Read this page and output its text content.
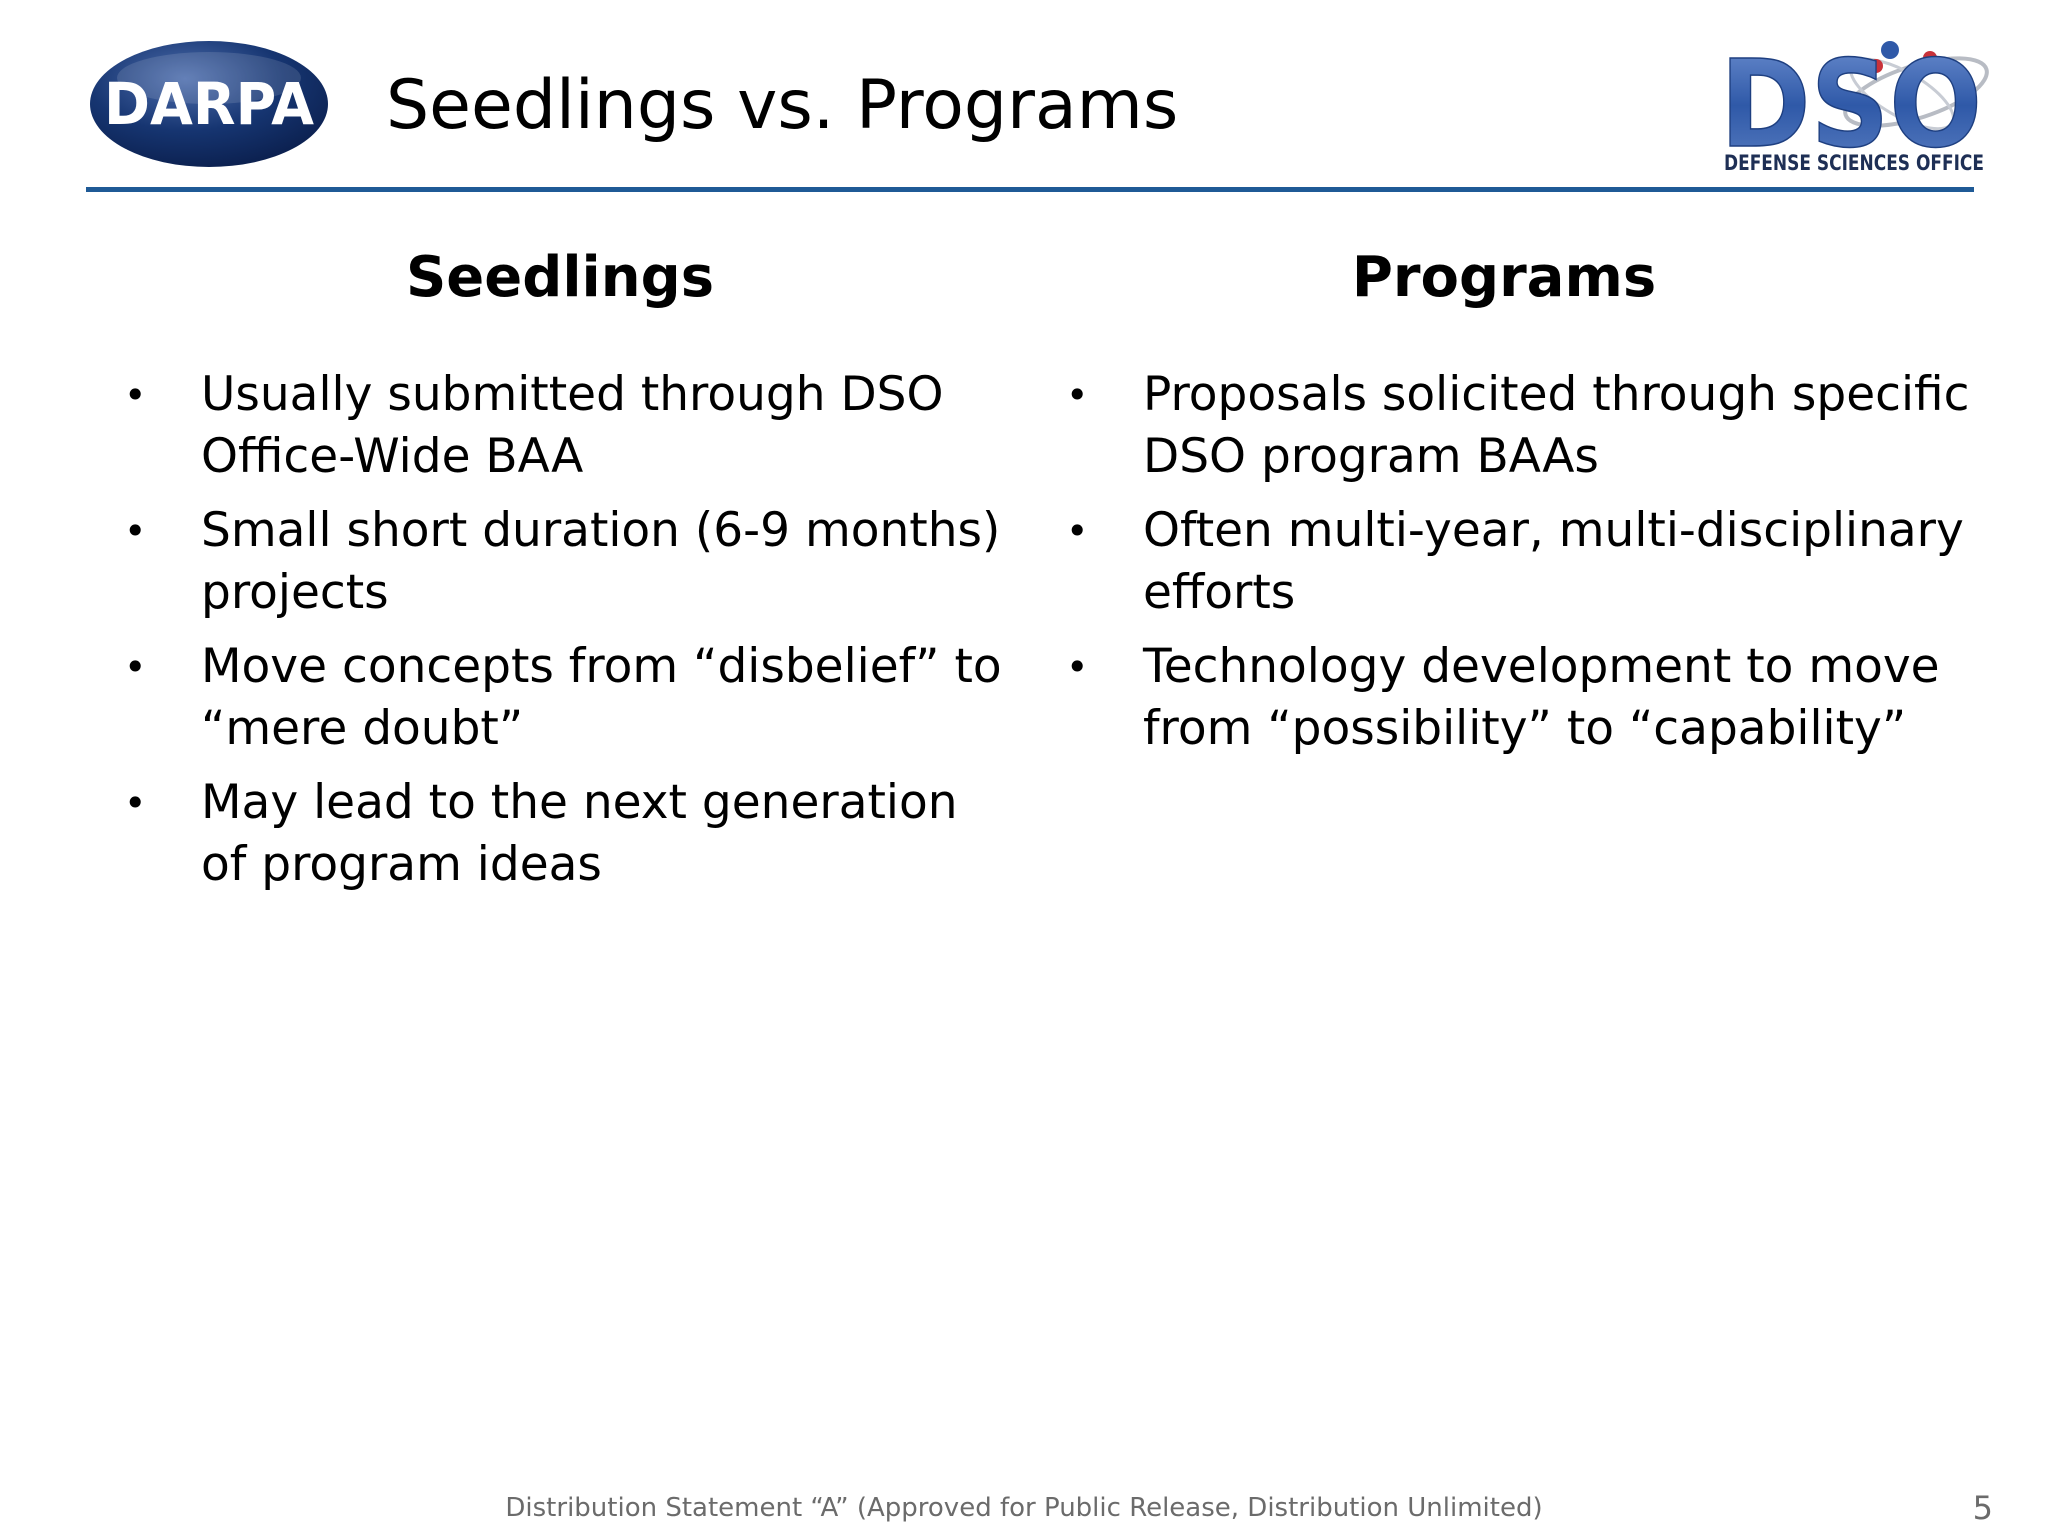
DARPA Seedlings vs. Programs	DSO
DEFENSE SCIENCES OFFICE
Seedlings	Programs
• Usually submitted through DSO Office-Wide BAA
• Small short duration (6-9 months) projects
• Move concepts from “disbelief” to “mere doubt”
• May lead to the next generation of program ideas
• Proposals solicited through specific DSO program BAAs
• Often multi-year, multi-disciplinary efforts
• Technology development to move from “possibility” to “capability”
Distribution Statement “A” (Approved for Public Release, Distribution Unlimited)	5
